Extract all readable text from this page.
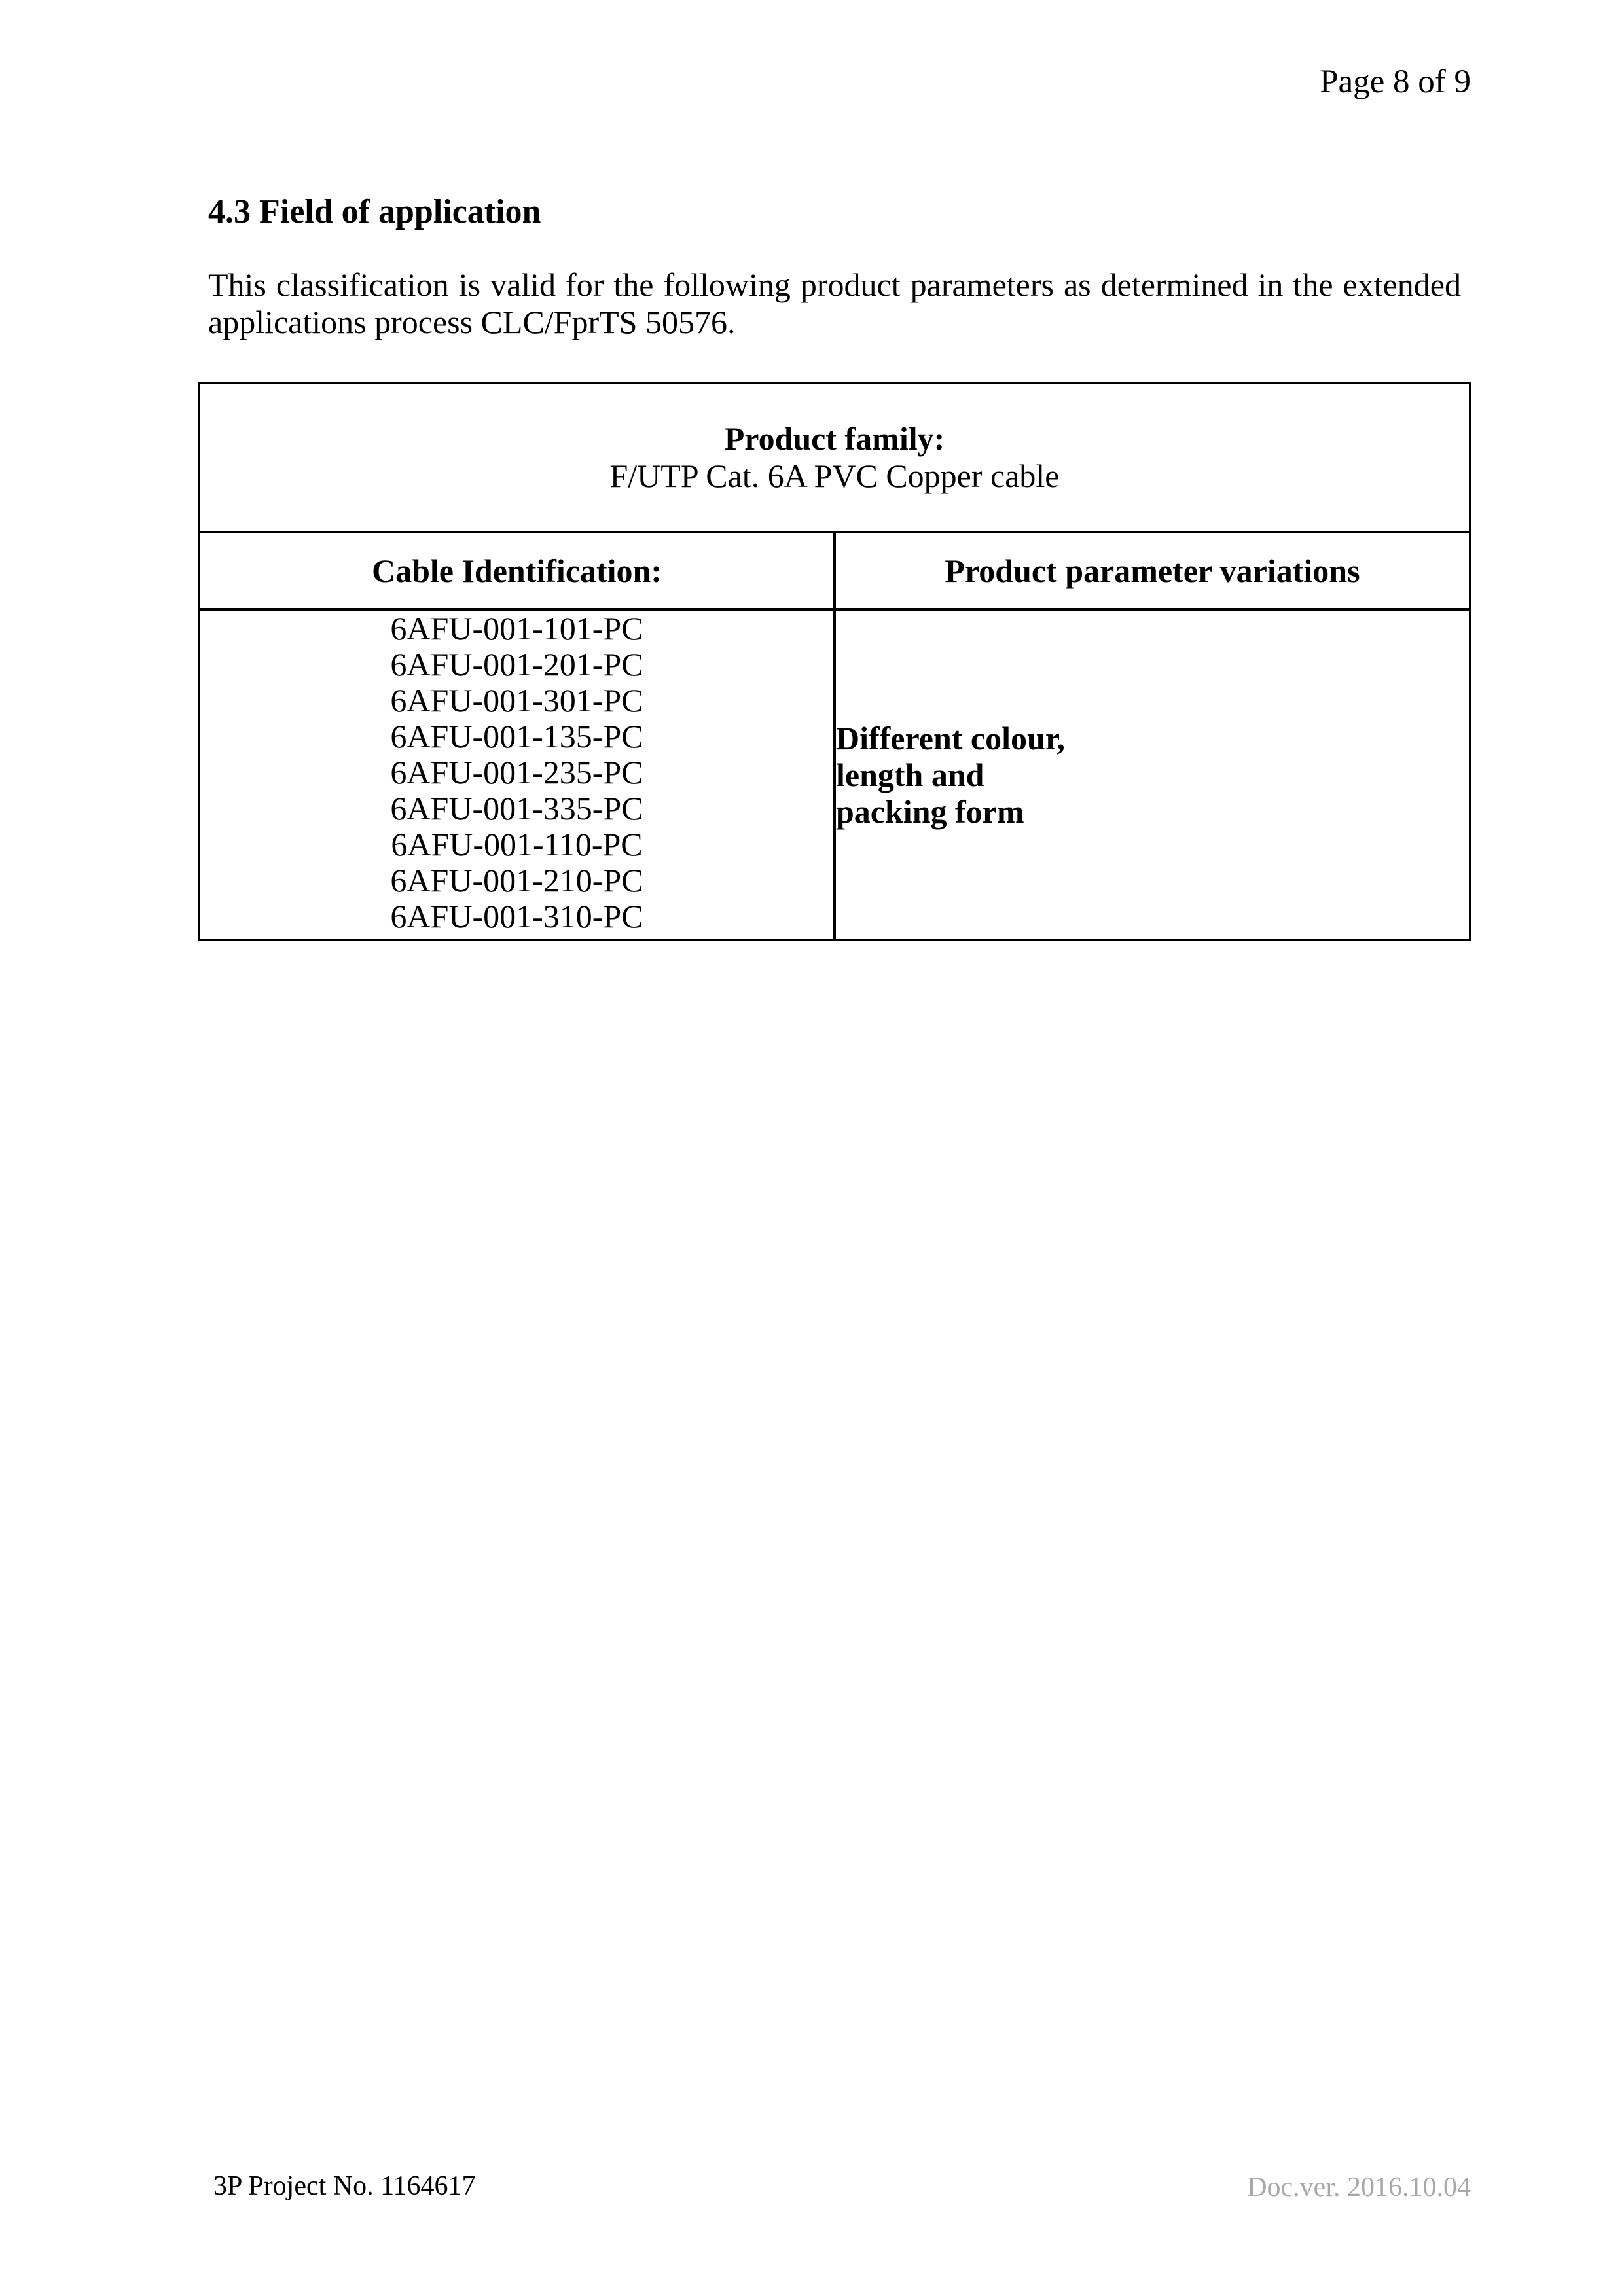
Page 8 of 9
4.3 Field of application
This classification is valid for the following product parameters as determined in the extended applications process CLC/FprTS 50576.
Product family:
F/UTP Cat. 6A PVC Copper cable	

Cable Identification:	Product parameter variations

6AFU-001-101-PC
6AFU-001-201-PC
6AFU-001-301-PC
6AFU-001-135-PC
6AFU-001-235-PC
6AFU-001-335-PC
6AFU-001-110-PC
6AFU-001-210-PC
6AFU-001-310-PC

Different colour,
length and
packing form
3P Project No. 1164617	Doc.ver. 2016.10.04
